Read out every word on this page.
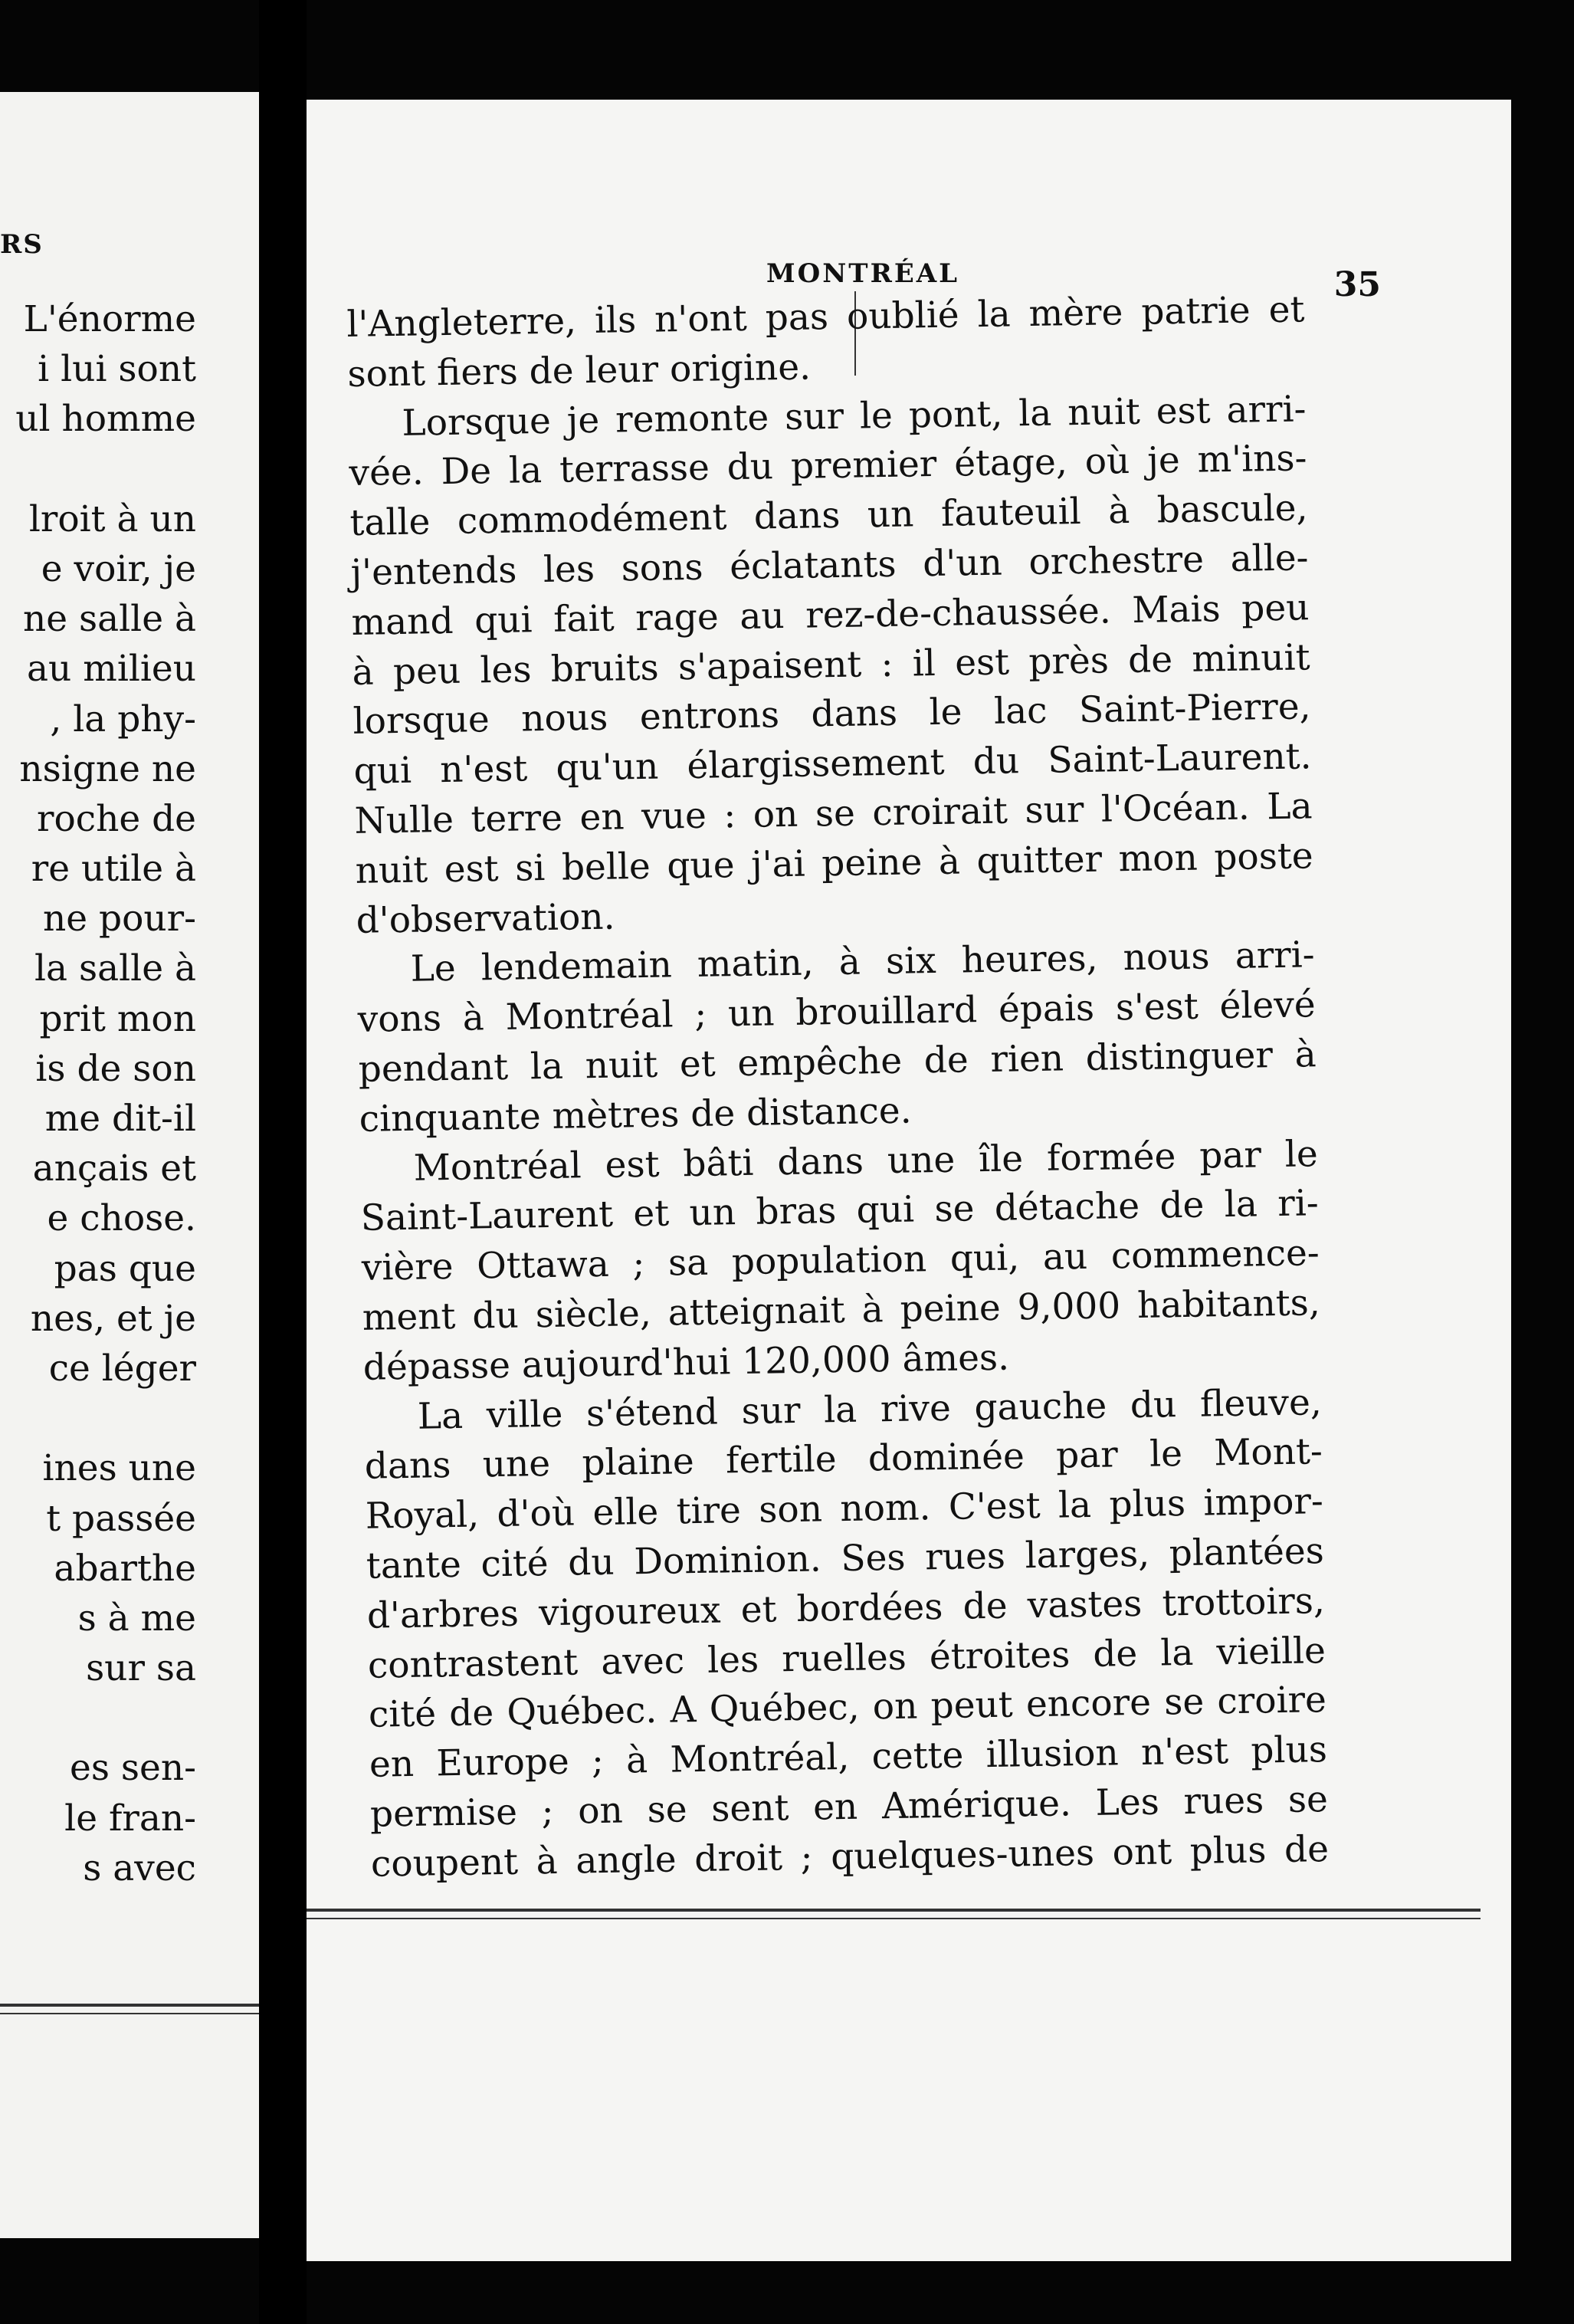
RS
L'énorme
i lui sont
ul homme
lroit à un
e voir, je
ne salle à
au milieu
, la phy-
nsigne ne
roche de
re utile à
ne pour-
la salle à
prit mon
is de son
me dit-il
ançais et
e chose.
pas que
nes, et je
ce léger
ines une
t passée
abarthe
s à me
sur sa
es sen-
le fran-
s avec
MONTRÉAL	35
l'Angleterre, ils n'ont pas oublié la mère patrie et
sont fiers de leur origine.
Lorsque je remonte sur le pont, la nuit est arri-
vée. De la terrasse du premier étage, où je m'ins-
talle commodément dans un fauteuil à bascule,
j'entends les sons éclatants d'un orchestre alle-
mand qui fait rage au rez-de-chaussée. Mais peu
à peu les bruits s'apaisent : il est près de minuit
lorsque nous entrons dans le lac Saint-Pierre,
qui n'est qu'un élargissement du Saint-Laurent.
Nulle terre en vue : on se croirait sur l'Océan. La
nuit est si belle que j'ai peine à quitter mon poste
d'observation.
Le lendemain matin, à six heures, nous arri-
vons à Montréal ; un brouillard épais s'est élevé
pendant la nuit et empêche de rien distinguer à
cinquante mètres de distance.
Montréal est bâti dans une île formée par le
Saint-Laurent et un bras qui se détache de la ri-
vière Ottawa ; sa population qui, au commence-
ment du siècle, atteignait à peine 9,000 habitants,
dépasse aujourd'hui 120,000 âmes.
La ville s'étend sur la rive gauche du fleuve,
dans une plaine fertile dominée par le Mont-
Royal, d'où elle tire son nom. C'est la plus impor-
tante cité du Dominion. Ses rues larges, plantées
d'arbres vigoureux et bordées de vastes trottoirs,
contrastent avec les ruelles étroites de la vieille
cité de Québec. A Québec, on peut encore se croire
en Europe ; à Montréal, cette illusion n'est plus
permise ; on se sent en Amérique. Les rues se
coupent à angle droit ; quelques-unes ont plus de
